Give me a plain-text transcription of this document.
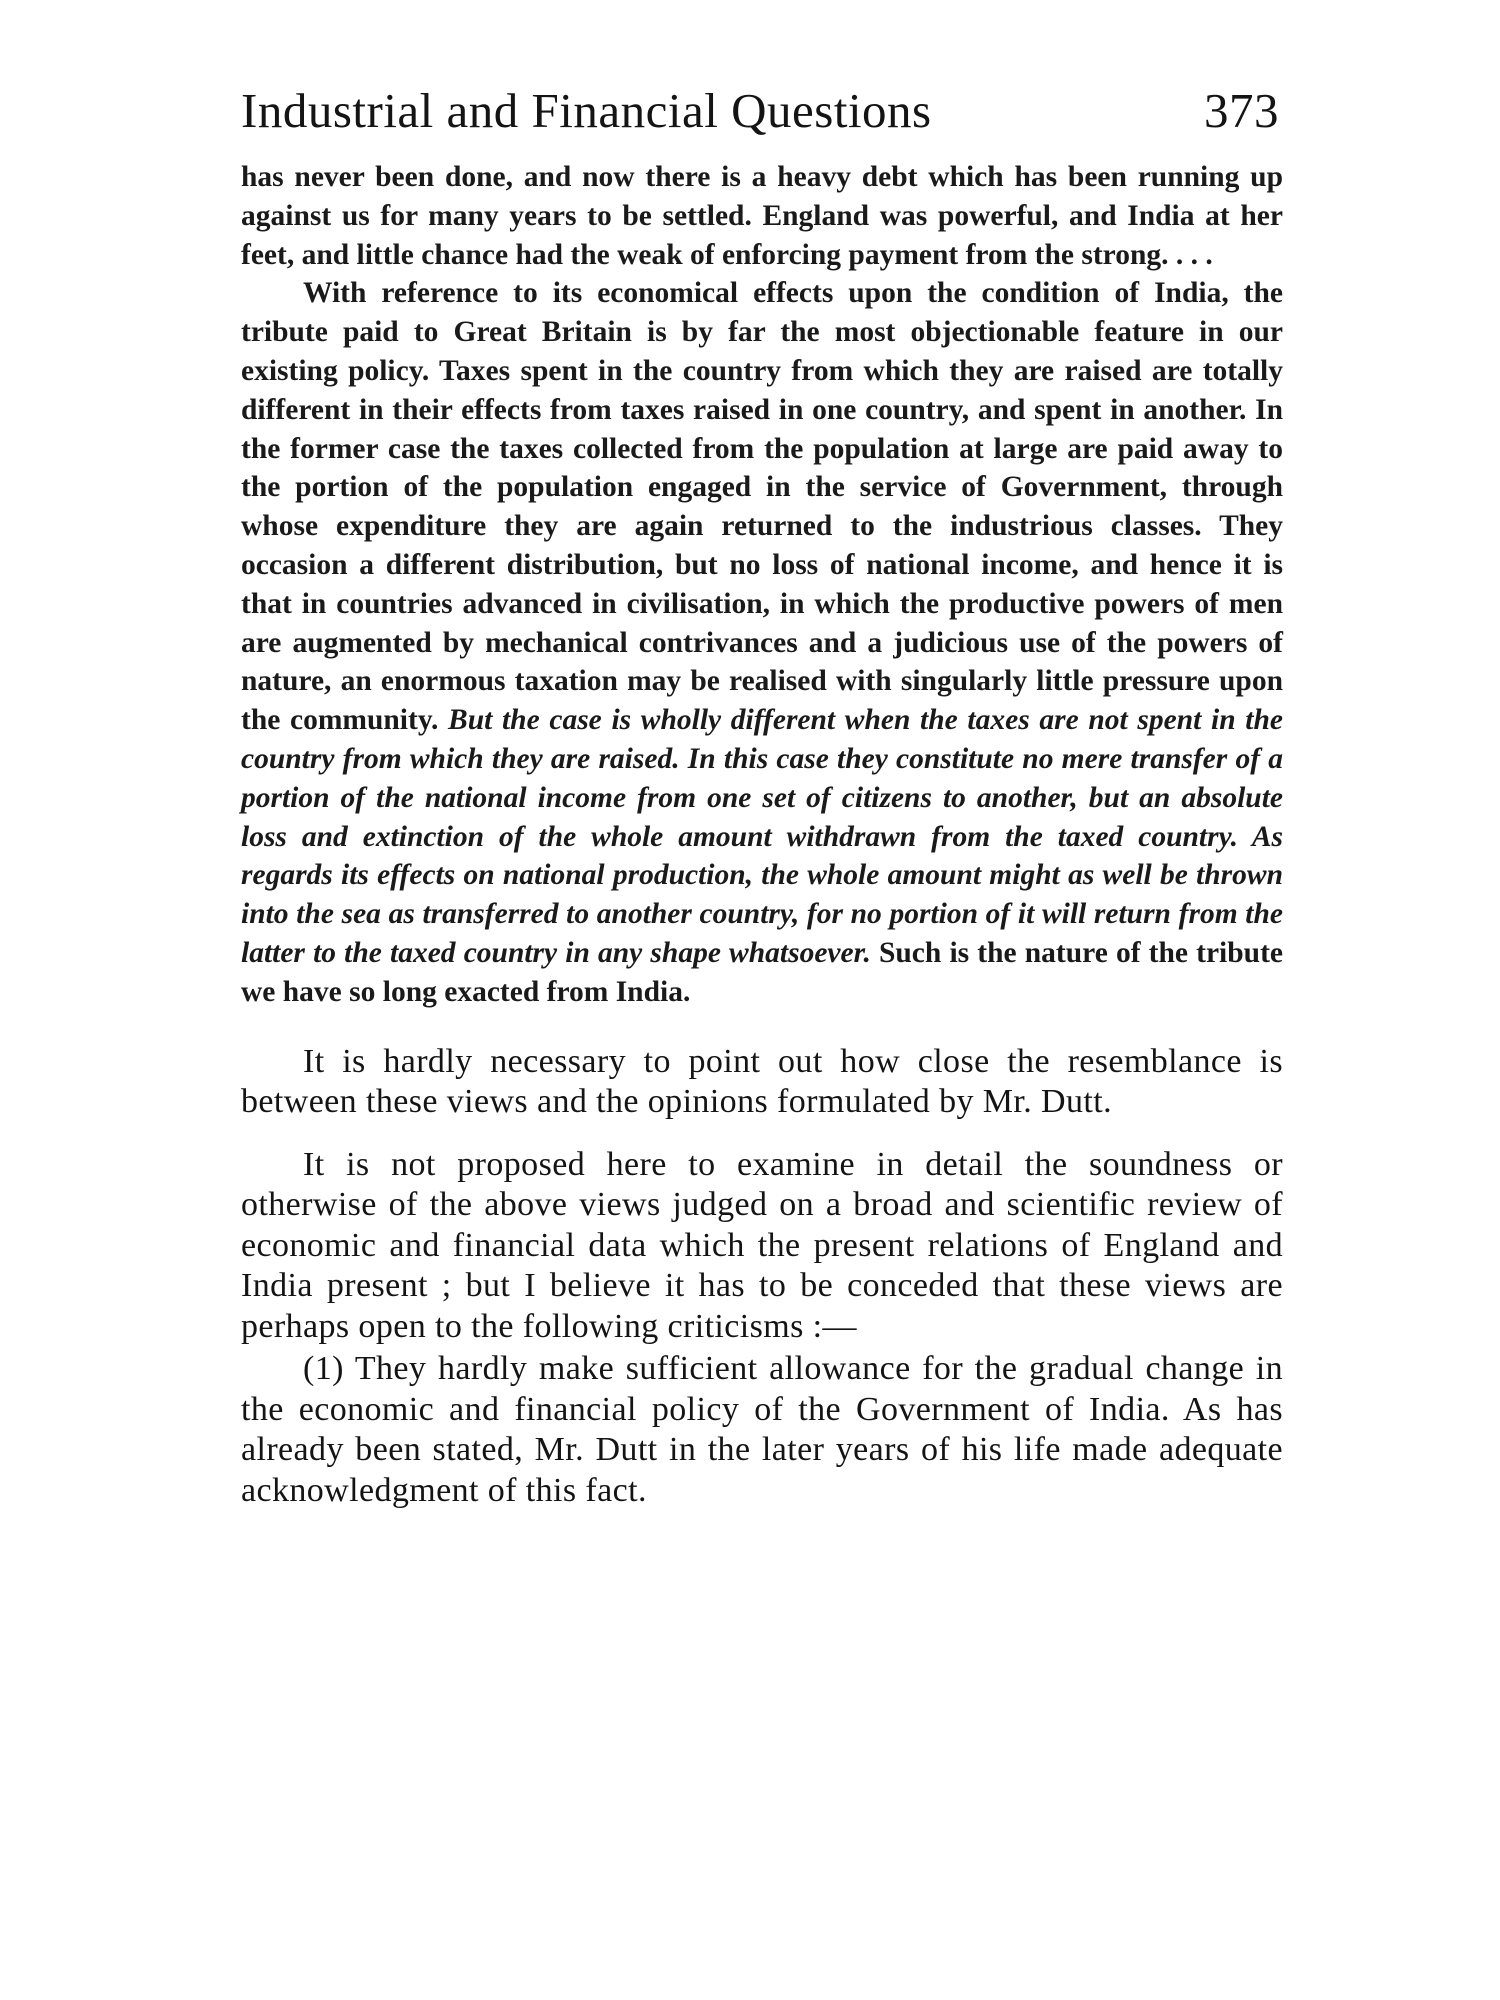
Industrial and Financial Questions	373

has never been done, and now there is a heavy debt which has been running up against us for many years to be settled. England was powerful, and India at her feet, and little chance had the weak of enforcing payment from the strong. . . .

With reference to its economical effects upon the condition of India, the tribute paid to Great Britain is by far the most objectionable feature in our existing policy. Taxes spent in the country from which they are raised are totally different in their effects from taxes raised in one country, and spent in another. In the former case the taxes collected from the population at large are paid away to the portion of the population engaged in the service of Government, through whose expenditure they are again returned to the industrious classes. They occasion a different distribution, but no loss of national income, and hence it is that in countries advanced in civilisation, in which the productive powers of men are augmented by mechanical contrivances and a judicious use of the powers of nature, an enormous taxation may be realised with singularly little pressure upon the community. But the case is wholly different when the taxes are not spent in the country from which they are raised. In this case they constitute no mere transfer of a portion of the national income from one set of citizens to another, but an absolute loss and extinction of the whole amount withdrawn from the taxed country. As regards its effects on national production, the whole amount might as well be thrown into the sea as transferred to another country, for no portion of it will return from the latter to the taxed country in any shape whatsoever. Such is the nature of the tribute we have so long exacted from India.

It is hardly necessary to point out how close the resemblance is between these views and the opinions formulated by Mr. Dutt.

It is not proposed here to examine in detail the soundness or otherwise of the above views judged on a broad and scientific review of economic and financial data which the present relations of England and India present ; but I believe it has to be conceded that these views are perhaps open to the following criticisms :—

(1) They hardly make sufficient allowance for the gradual change in the economic and financial policy of the Government of India. As has already been stated, Mr. Dutt in the later years of his life made adequate acknowledgment of this fact.
